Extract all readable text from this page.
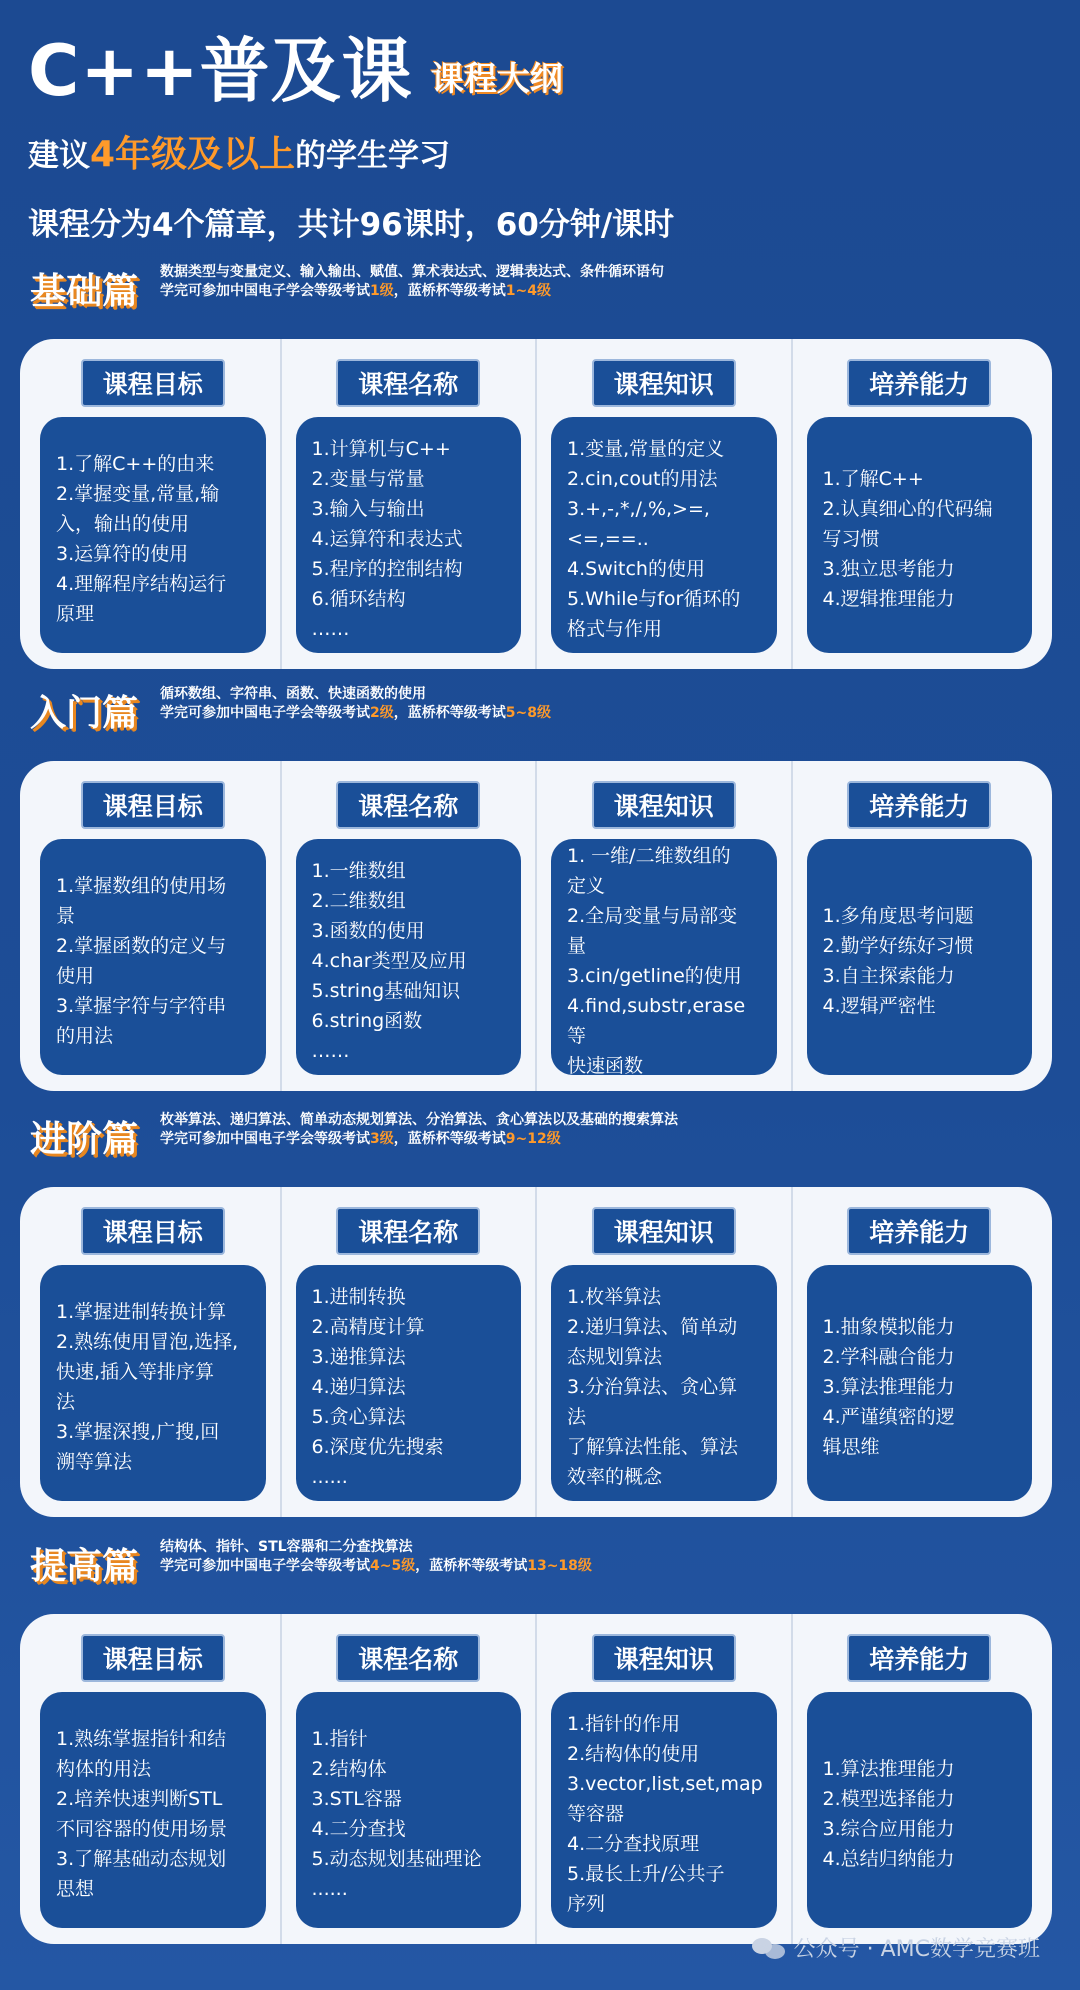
C++普及课 课程大纲
建议4年级及以上的学生学习
课程分为4个篇章，共计96课时，60分钟/课时
基础篇 数据类型与变量定义、输入输出、赋值、算术表达式、逻辑表达式、条件循环语句
学完可参加中国电子学会等级考试1级，蓝桥杯等级考试1~4级
课程目标
1.了解C++的由来
2.掌握变量,常量,输
入，输出的使用
3.运算符的使用
4.理解程序结构运行
原理
课程名称
1.计算机与C++
2.变量与常量
3.输入与输出
4.运算符和表达式
5.程序的控制结构
6.循环结构
……
课程知识
1.变量,常量的定义
2.cin,cout的用法
3.+,-,*,/,%,>=,<=,==..
4.Switch的使用
5.While与for循环的
格式与作用
培养能力
1.了解C++
2.认真细心的代码编
写习惯
3.独立思考能力
4.逻辑推理能力
入门篇 循环数组、字符串、函数、快速函数的使用
学完可参加中国电子学会等级考试2级，蓝桥杯等级考试5~8级
课程目标
1.掌握数组的使用场
景
2.掌握函数的定义与
使用
3.掌握字符与字符串
的用法
课程名称
1.一维数组
2.二维数组
3.函数的使用
4.char类型及应用
5.string基础知识
6.string函数
……
课程知识
1. 一维/二维数组的
定义
2.全局变量与局部变
量
3.cin/getline的使用
4.find,substr,erase等
快速函数
培养能力
1.多角度思考问题
2.勤学好练好习惯
3.自主探索能力
4.逻辑严密性
进阶篇 枚举算法、递归算法、简单动态规划算法、分治算法、贪心算法以及基础的搜索算法
学完可参加中国电子学会等级考试3级，蓝桥杯等级考试9~12级
课程目标
1.掌握进制转换计算
2.熟练使用冒泡,选择,
快速,插入等排序算
法
3.掌握深搜,广搜,回
溯等算法
课程名称
1.进制转换
2.高精度计算
3.递推算法
4.递归算法
5.贪心算法
6.深度优先搜索
......
课程知识
1.枚举算法
2.递归算法、简单动
态规划算法
3.分治算法、贪心算
法
了解算法性能、算法
效率的概念
培养能力
1.抽象模拟能力
2.学科融合能力
3.算法推理能力
4.严谨缜密的逻
辑思维
提高篇 结构体、指针、STL容器和二分查找算法
学完可参加中国电子学会等级考试4~5级，蓝桥杯等级考试13~18级
课程目标
1.熟练掌握指针和结
构体的用法
2.培养快速判断STL
不同容器的使用场景
3.了解基础动态规划
思想
课程名称
1.指针
2.结构体
3.STL容器
4.二分查找
5.动态规划基础理论
......
课程知识
1.指针的作用
2.结构体的使用
3.vector,list,set,map
等容器
4.二分查找原理
5.最长上升/公共子
序列
培养能力
1.算法推理能力
2.模型选择能力
3.综合应用能力
4.总结归纳能力
公众号 · AMC数学竞赛班
